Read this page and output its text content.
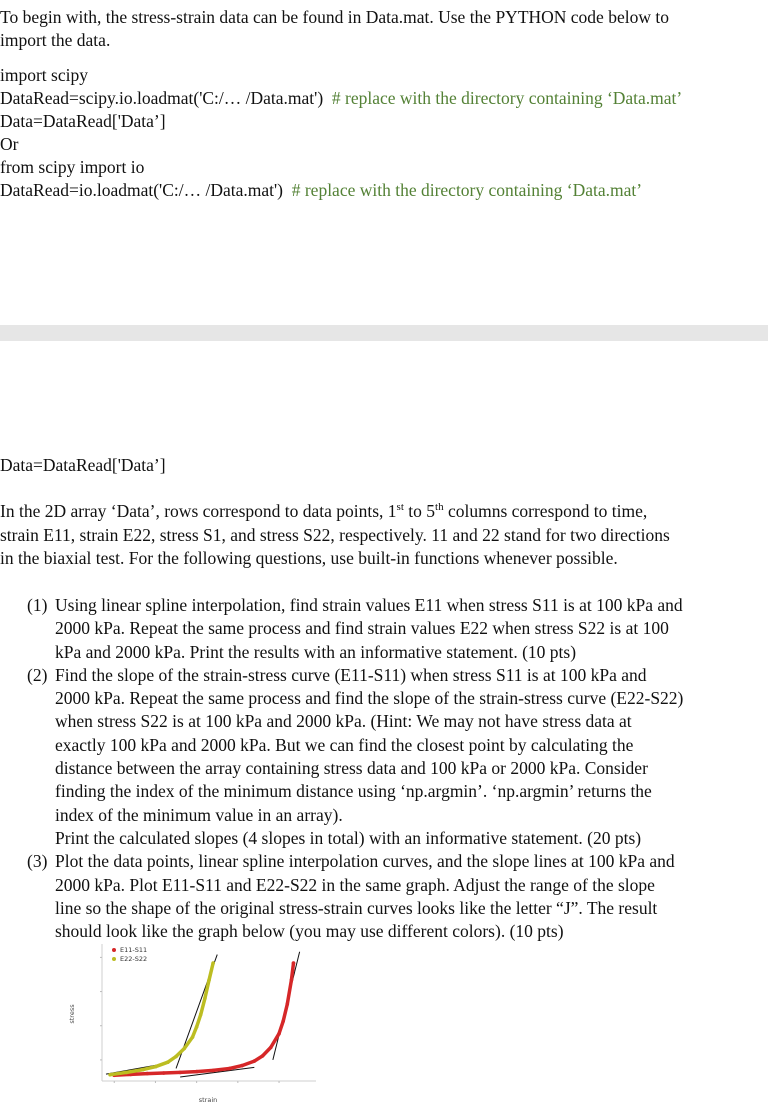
To begin with, the stress-strain data can be found in Data.mat. Use the PYTHON code below to
import the data.
import scipy
DataRead=scipy.io.loadmat('C:/… /Data.mat') # replace with the directory containing ‘Data.mat’
Data=DataRead['Data’]
Or
from scipy import io
DataRead=io.loadmat('C:/… /Data.mat') # replace with the directory containing ‘Data.mat’
Data=DataRead['Data’]
In the 2D array ‘Data’, rows correspond to data points, 1st to 5th columns correspond to time,
strain E11, strain E22, stress S1, and stress S22, respectively. 11 and 22 stand for two directions
in the biaxial test. For the following questions, use built-in functions whenever possible.
(1) Using linear spline interpolation, find strain values E11 when stress S11 is at 100 kPa and
2000 kPa. Repeat the same process and find strain values E22 when stress S22 is at 100
kPa and 2000 kPa. Print the results with an informative statement. (10 pts)
(2) Find the slope of the strain-stress curve (E11-S11) when stress S11 is at 100 kPa and
2000 kPa. Repeat the same process and find the slope of the strain-stress curve (E22-S22)
when stress S22 is at 100 kPa and 2000 kPa. (Hint: We may not have stress data at
exactly 100 kPa and 2000 kPa. But we can find the closest point by calculating the
distance between the array containing stress data and 100 kPa or 2000 kPa. Consider
finding the index of the minimum distance using ‘np.argmin’. ‘np.argmin’ returns the
index of the minimum value in an array).
Print the calculated slopes (4 slopes in total) with an informative statement. (20 pts)
(3) Plot the data points, linear spline interpolation curves, and the slope lines at 100 kPa and
2000 kPa. Plot E11-S11 and E22-S22 in the same graph. Adjust the range of the slope
line so the shape of the original stress-strain curves looks like the letter “J”. The result
should look like the graph below (you may use different colors). (10 pts)
E11-S11
E22-S22
strain
stress
